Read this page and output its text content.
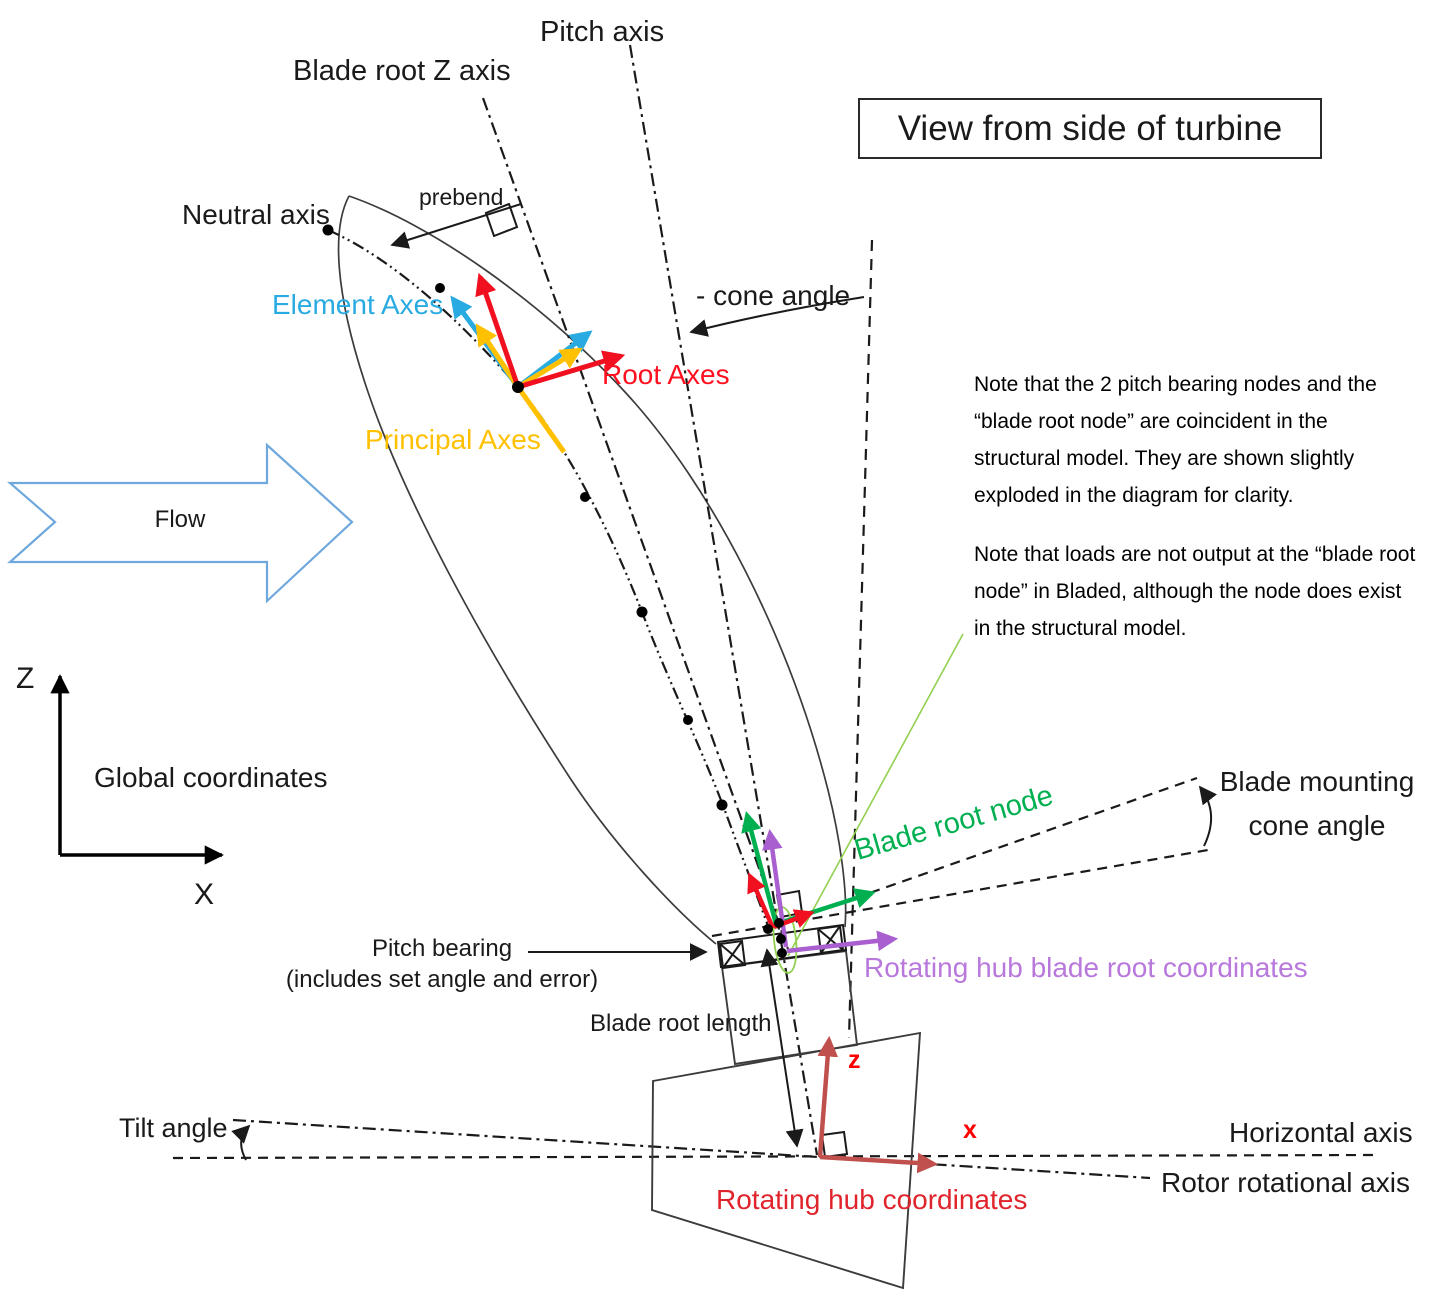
Pitch axis
Blade root Z axis
View from side of turbine
Neutral axis
prebend
- cone angle
Element Axes
Root Axes
Principal Axes
Flow
Note that the 2 pitch bearing nodes and the “blade root node” are coincident in the structural model. They are shown slightly exploded in the diagram for clarity.
Note that loads are not output at the “blade root node” in Bladed, although the node does exist in the structural model.
Z
Global coordinates
X
Blade root node	Blade mounting
cone angle
Pitch bearing
(includes set angle and error)	Rotating hub blade root coordinates
Blade root length
Tilt angle
z
x	Horizontal axis
Rotor rotational axis
Rotating hub coordinates
